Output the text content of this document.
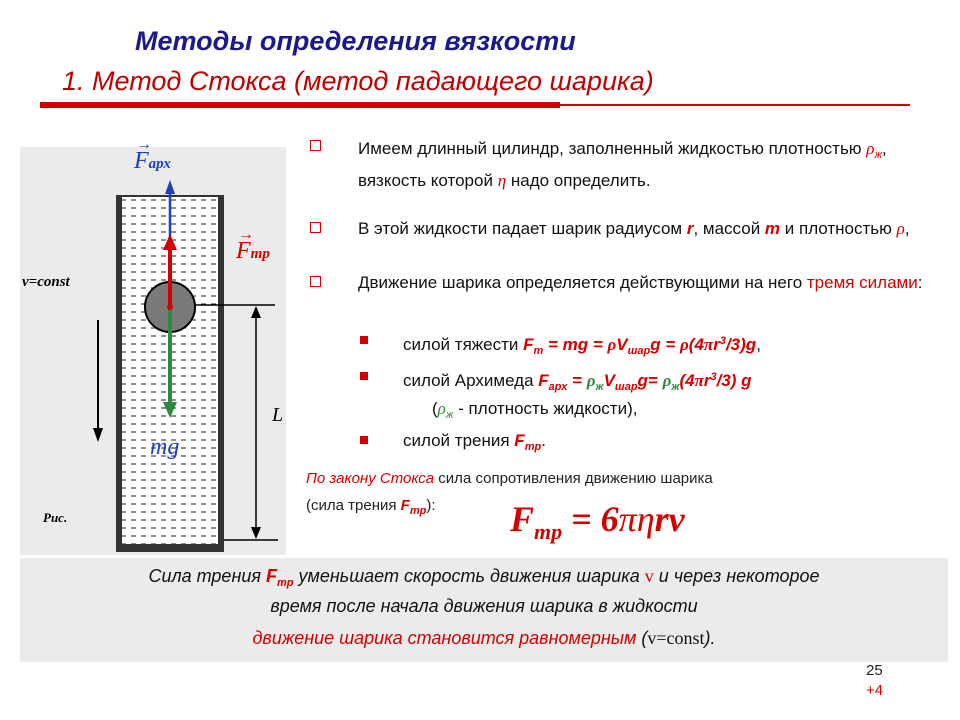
Методы определения вязкости
1. Метод Стокса (метод падающего шарика)
→
Fарх
→
Fтр
v=const
mg
L
Рис.
Имеем длинный цилиндр, заполненный жидкостью плотностью $\rho_ж$, вязкость которой η надо определить.
В этой жидкости падает шарик радиусом r, массой m и плотностью ρ,
Движение шарика определяется действующими на него тремя силами:
силой тяжести $F_т$ = mg = $\rho V_{шар}g = \rho(4\pi r^3/3)g$,
силой Архимеда $F_{арх} = \rho_жV_{шар}g= \rho_ж(4\pi r^3/3)$ g
($\rho_ж$ - плотность жидкости),
силой трения $F_{тр}$.
По закону Стокса сила сопротивления движению шарика
(сила трения $F_{тр}$): $F_{тр} = 6\pi\eta rv$
Сила трения $F_{тр}$ уменьшает скорость движения шарика v и через некоторое
время после начала движения шарика в жидкости
движение шарика становится равномерным (v=const).
25
+4
